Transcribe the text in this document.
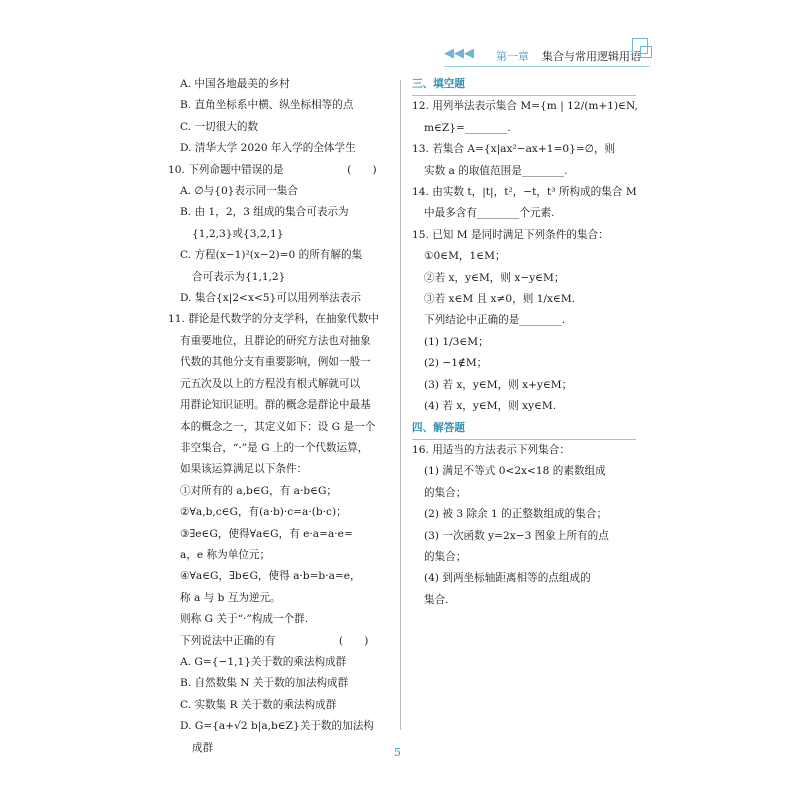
◀◀◀ 第一章 集合与常用逻辑用语
A. 中国各地最美的乡村
B. 直角坐标系中横、纵坐标相等的点
C. 一切很大的数
D. 清华大学 2020 年入学的全体学生
10. 下列命题中错误的是　　　　　　(　　)
A. ∅与{0}表示同一集合
B. 由 1，2，3 组成的集合可表示为
{1,2,3}或{3,2,1}
C. 方程(x−1)²(x−2)=0 的所有解的集
合可表示为{1,1,2}
D. 集合{x|2<x<5}可以用列举法表示
11. 群论是代数学的分支学科，在抽象代数中
有重要地位，且群论的研究方法也对抽象
代数的其他分支有重要影响，例如一般一
元五次及以上的方程没有根式解就可以
用群论知识证明。群的概念是群论中最基
本的概念之一，其定义如下：设 G 是一个
非空集合，“·”是 G 上的一个代数运算，
如果该运算满足以下条件：
①对所有的 a,b∈G，有 a·b∈G；
②∀a,b,c∈G，有(a·b)·c=a·(b·c)；
③∃e∈G，使得∀a∈G，有 e·a=a·e=
a，e 称为单位元；
④∀a∈G，∃b∈G，使得 a·b=b·a=e，
称 a 与 b 互为逆元。
则称 G 关于“·”构成一个群.
下列说法中正确的有　　　　　　(　　)
A. G={−1,1}关于数的乘法构成群
B. 自然数集 N 关于数的加法构成群
C. 实数集 R 关于数的乘法构成群
D. G={a+√2 b|a,b∈Z}关于数的加法构
成群
三、填空题
12. 用列举法表示集合 M={m | 12/(m+1)∈N,
m∈Z}=________.
13. 若集合 A={x|ax²−ax+1=0}=∅，则
实数 a 的取值范围是________.
14. 由实数 t，|t|，t²，−t，t³ 所构成的集合 M
中最多含有________个元素.
15. 已知 M 是同时满足下列条件的集合：
①0∈M，1∈M；
②若 x，y∈M，则 x−y∈M；
③若 x∈M 且 x≠0，则 1/x∈M.
下列结论中正确的是________.
(1) 1/3∈M；
(2) −1∉M；
(3) 若 x，y∈M，则 x+y∈M；
(4) 若 x，y∈M，则 xy∈M.
四、解答题
16. 用适当的方法表示下列集合：
(1) 满足不等式 0<2x<18 的素数组成
的集合；
(2) 被 3 除余 1 的正整数组成的集合；
(3) 一次函数 y=2x−3 图象上所有的点
的集合；
(4) 到两坐标轴距离相等的点组成的
集合.
5
